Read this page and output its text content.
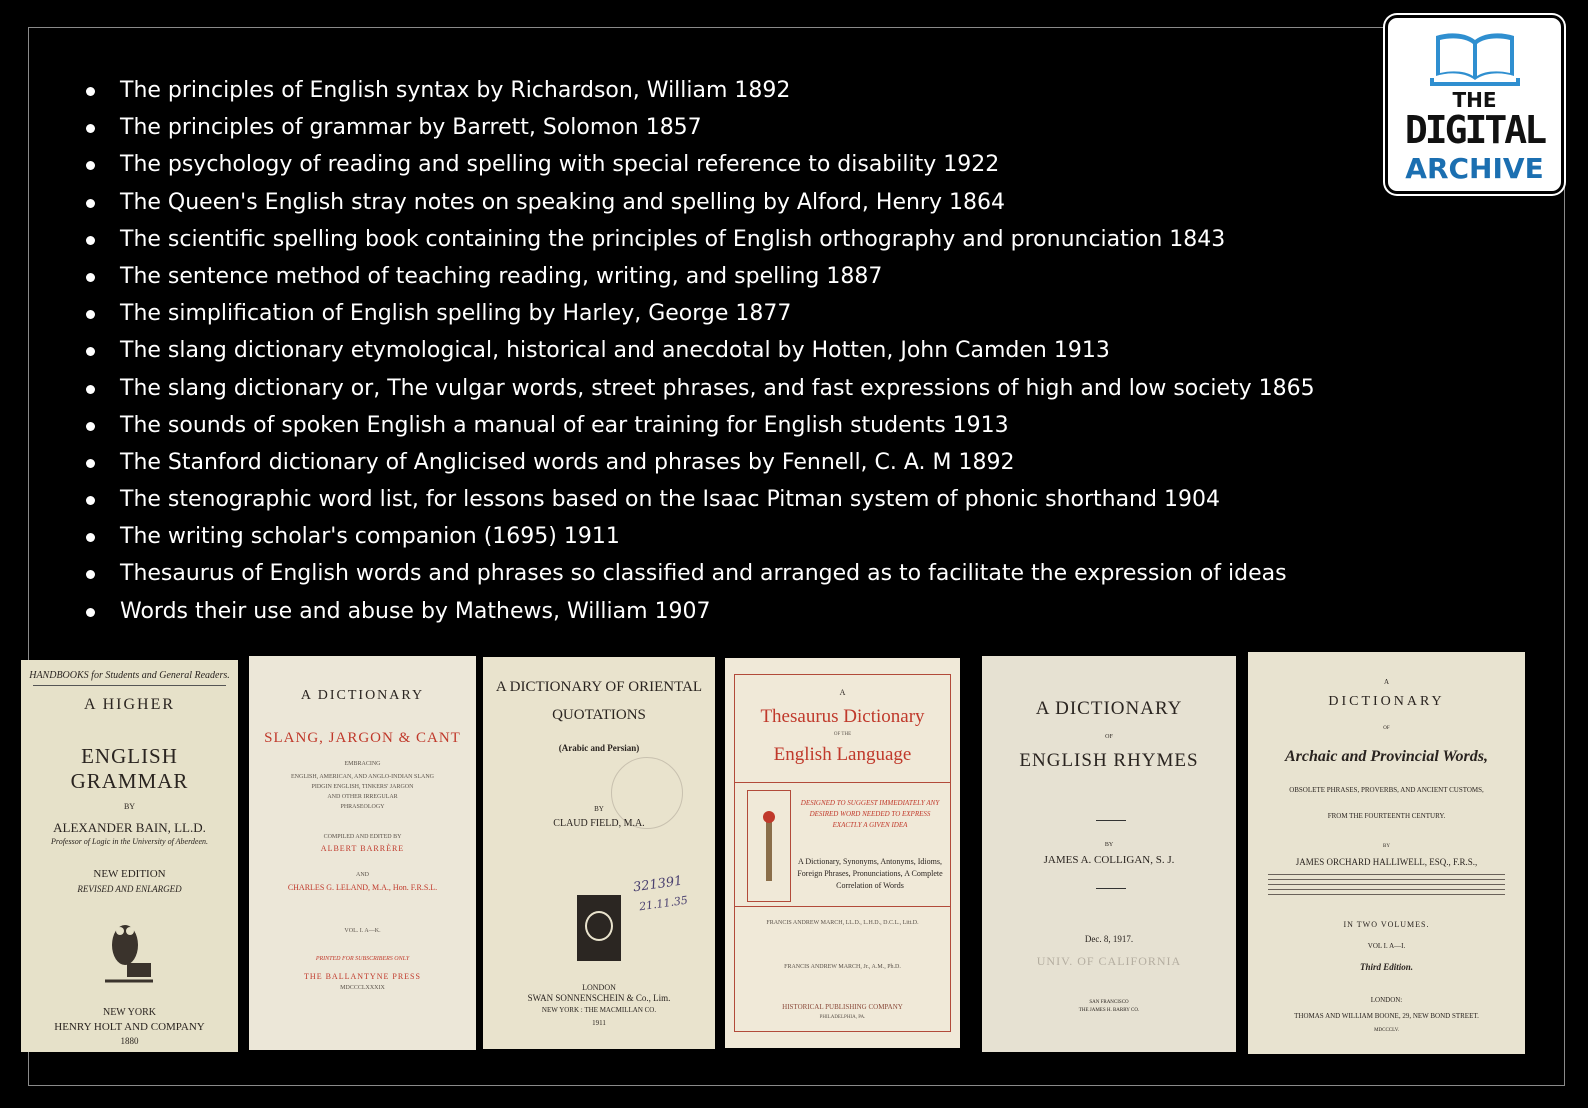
The principles of English syntax by Richardson, William 1892
The principles of grammar by Barrett, Solomon 1857
The psychology of reading and spelling with special reference to disability 1922
The Queen's English stray notes on speaking and spelling by Alford, Henry 1864
The scientific spelling book containing the principles of English orthography and pronunciation 1843
The sentence method of teaching reading, writing, and spelling 1887
The simplification of English spelling by Harley, George 1877
The slang dictionary etymological, historical and anecdotal by Hotten, John Camden 1913
The slang dictionary or, The vulgar words, street phrases, and fast expressions of high and low society 1865
The sounds of spoken English a manual of ear training for English students 1913
The Stanford dictionary of Anglicised words and phrases by Fennell, C. A. M 1892
The stenographic word list, for lessons based on the Isaac Pitman system of phonic shorthand 1904
The writing scholar's companion (1695) 1911
Thesaurus of English words and phrases so classified and arranged as to facilitate the expression of ideas
Words their use and abuse by Mathews, William 1907
THE
DIGITAL
ARCHIVE
HANDBOOKS for Students and General Readers.
A HIGHER
ENGLISH GRAMMAR
BY
ALEXANDER BAIN, LL.D.
Professor of Logic in the University of Aberdeen.
NEW EDITION
REVISED AND ENLARGED
NEW YORK
HENRY HOLT AND COMPANY
1880
A DICTIONARY
SLANG, JARGON & CANT
EMBRACING
ENGLISH, AMERICAN, AND ANGLO-INDIAN SLANG
PIDGIN ENGLISH, TINKERS' JARGON
AND OTHER IRREGULAR
PHRASEOLOGY
COMPILED AND EDITED BY
ALBERT BARRÈRE
AND
CHARLES G. LELAND, M.A., Hon. F.R.S.L.
VOL. I. A—K.
PRINTED FOR SUBSCRIBERS ONLY
THE BALLANTYNE PRESS
MDCCCLXXXIX
A DICTIONARY OF ORIENTAL
QUOTATIONS
(Arabic and Persian)
BY
CLAUD FIELD, M.A.
321391
21.11.35
LONDON
SWAN SONNENSCHEIN & Co., Lim.
NEW YORK : THE MACMILLAN CO.
1911
A
Thesaurus Dictionary
OF THE
English Language
DESIGNED TO SUGGEST IMMEDIATELY ANY DESIRED WORD NEEDED TO EXPRESS EXACTLY A GIVEN IDEA
A Dictionary, Synonyms, Antonyms, Idioms, Foreign Phrases, Pronunciations, A Complete Correlation of Words
FRANCIS ANDREW MARCH, LL.D., L.H.D., D.C.L., Litt.D.
FRANCIS ANDREW MARCH, Jr., A.M., Ph.D.
HISTORICAL PUBLISHING COMPANY
PHILADELPHIA, PA.
A DICTIONARY
OF
ENGLISH RHYMES
BY
JAMES A. COLLIGAN, S. J.
Dec. 8, 1917.
UNIV. OF CALIFORNIA
SAN FRANCISCO
THE JAMES H. BARRY CO.
A
DICTIONARY
OF
Archaic and Provincial Words,
OBSOLETE PHRASES, PROVERBS, AND ANCIENT CUSTOMS,
FROM THE FOURTEENTH CENTURY.
BY
JAMES ORCHARD HALLIWELL, ESQ., F.R.S.,
IN TWO VOLUMES.
VOL I. A—I.
Third Edition.
LONDON:
THOMAS AND WILLIAM BOONE, 29, NEW BOND STREET.
MDCCCLV.
